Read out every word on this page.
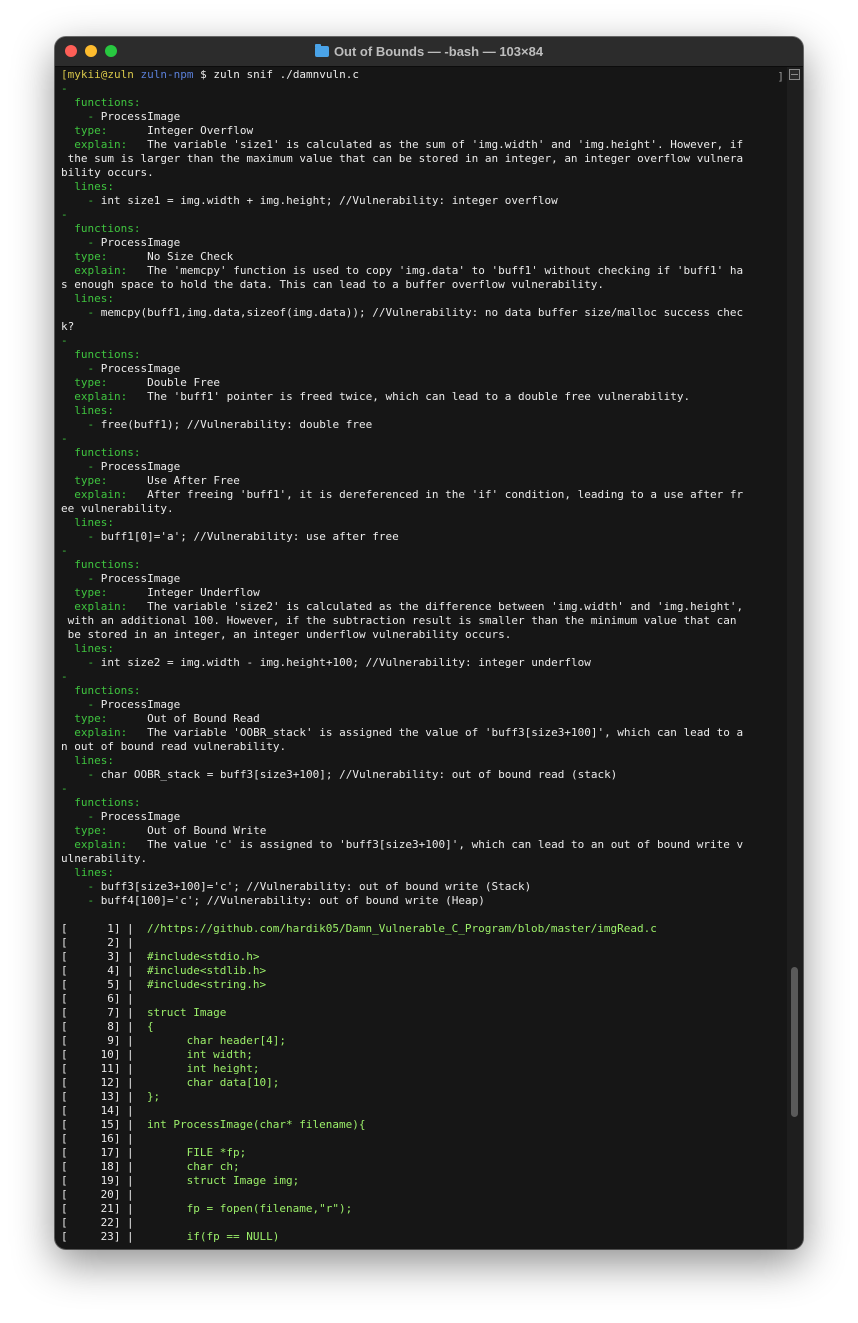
Out of Bounds — -bash — 103×84
[mykii@zuln zuln-npm $ zuln snif ./damnvuln.c
-
functions:
- ProcessImage
type:	Integer Overflow
explain: The variable 'size1' is calculated as the sum of 'img.width' and 'img.height'. However, if
the sum is larger than the maximum value that can be stored in an integer, an integer overflow vulnera
bility occurs.
lines:
- int size1 = img.width + img.height; //Vulnerability: integer overflow
-
functions:
- ProcessImage
type:	No Size Check
explain: The 'memcpy' function is used to copy 'img.data' to 'buff1' without checking if 'buff1' ha
s enough space to hold the data. This can lead to a buffer overflow vulnerability.
lines:
- memcpy(buff1,img.data,sizeof(img.data)); //Vulnerability: no data buffer size/malloc success chec
k?
-
functions:
- ProcessImage
type:	Double Free
explain: The 'buff1' pointer is freed twice, which can lead to a double free vulnerability.
lines:
- free(buff1); //Vulnerability: double free
-
functions:
- ProcessImage
type:	Use After Free
explain: After freeing 'buff1', it is dereferenced in the 'if' condition, leading to a use after fr
ee vulnerability.
lines:
- buff1[0]='a'; //Vulnerability: use after free
-
functions:
- ProcessImage
type:	Integer Underflow
explain: The variable 'size2' is calculated as the difference between 'img.width' and 'img.height',
with an additional 100. However, if the subtraction result is smaller than the minimum value that can
be stored in an integer, an integer underflow vulnerability occurs.
lines:
- int size2 = img.width - img.height+100; //Vulnerability: integer underflow
-
functions:
- ProcessImage
type:	Out of Bound Read
explain: The variable 'OOBR_stack' is assigned the value of 'buff3[size3+100]', which can lead to a
n out of bound read vulnerability.
lines:
- char OOBR_stack = buff3[size3+100]; //Vulnerability: out of bound read (stack)
-
functions:
- ProcessImage
type:	Out of Bound Write
explain: The value 'c' is assigned to 'buff3[size3+100]', which can lead to an out of bound write v
ulnerability.
lines:
- buff3[size3+100]='c'; //Vulnerability: out of bound write (Stack)
- buff4[100]='c'; //Vulnerability: out of bound write (Heap)
[	1] |  //https://github.com/hardik05/Damn_Vulnerable_C_Program/blob/master/imgRead.c
[	2] |
[	3] |  #include<stdio.h>
[	4] |  #include<stdlib.h>
[	5] |  #include<string.h>
[	6] |
[	7] |  struct Image
[	8] |  {
[	9] |        char header[4];
[	10] |        int width;
[	11] |        int height;
[	12] |        char data[10];
[	13] |  };
[	14] |
[	15] |  int ProcessImage(char* filename){
[	16] |
[	17] |        FILE *fp;
[	18] |        char ch;
[	19] |        struct Image img;
[	20] |
[	21] |        fp = fopen(filename,"r");
[	22] |
[	23] |        if(fp == NULL)
]
